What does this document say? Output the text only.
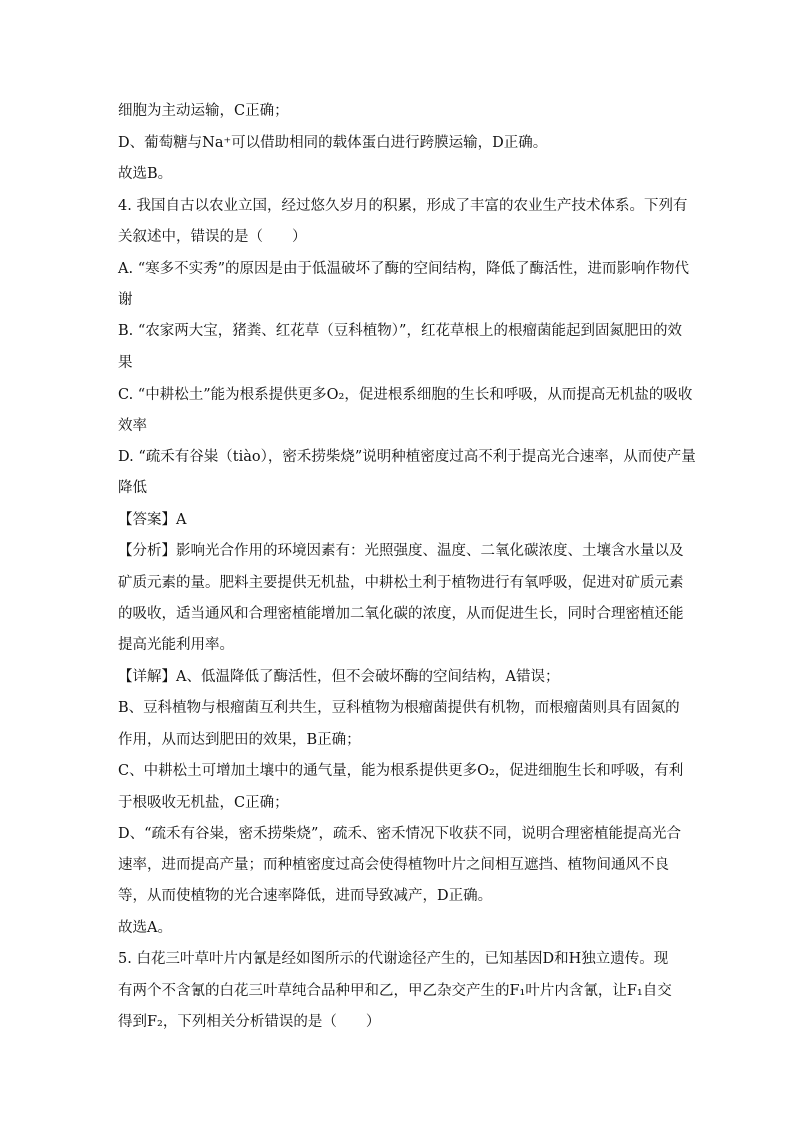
细胞为主动运输，C正确；
D、葡萄糖与Na⁺可以借助相同的载体蛋白进行跨膜运输，D正确。
故选B。
4. 我国自古以农业立国，经过悠久岁月的积累，形成了丰富的农业生产技术体系。下列有
关叙述中，错误的是（　　）
A. “寒多不实秀”的原因是由于低温破坏了酶的空间结构，降低了酶活性，进而影响作物代
谢
B. “农家两大宝，猪粪、红花草（豆科植物）”，红花草根上的根瘤菌能起到固氮肥田的效
果
C. “中耕松土”能为根系提供更多O₂，促进根系细胞的生长和呼吸，从而提高无机盐的吸收
效率
D. “疏禾有谷粜（tiào），密禾捞柴烧”说明种植密度过高不利于提高光合速率，从而使产量
降低
【答案】A
【分析】影响光合作用的环境因素有：光照强度、温度、二氧化碳浓度、土壤含水量以及
矿质元素的量。肥料主要提供无机盐，中耕松土利于植物进行有氧呼吸，促进对矿质元素
的吸收，适当通风和合理密植能增加二氧化碳的浓度，从而促进生长，同时合理密植还能
提高光能利用率。
【详解】A、低温降低了酶活性，但不会破坏酶的空间结构，A错误；
B、豆科植物与根瘤菌互利共生，豆科植物为根瘤菌提供有机物，而根瘤菌则具有固氮的
作用，从而达到肥田的效果，B正确；
C、中耕松土可增加土壤中的通气量，能为根系提供更多O₂，促进细胞生长和呼吸，有利
于根吸收无机盐，C正确；
D、“疏禾有谷粜，密禾捞柴烧”，疏禾、密禾情况下收获不同，说明合理密植能提高光合
速率，进而提高产量；而种植密度过高会使得植物叶片之间相互遮挡、植物间通风不良
等，从而使植物的光合速率降低，进而导致减产，D正确。
故选A。
5. 白花三叶草叶片内氰是经如图所示的代谢途径产生的，已知基因D和H独立遗传。现
有两个不含氰的白花三叶草纯合品种甲和乙，甲乙杂交产生的F₁叶片内含氰，让F₁自交
得到F₂，下列相关分析错误的是（　　）
